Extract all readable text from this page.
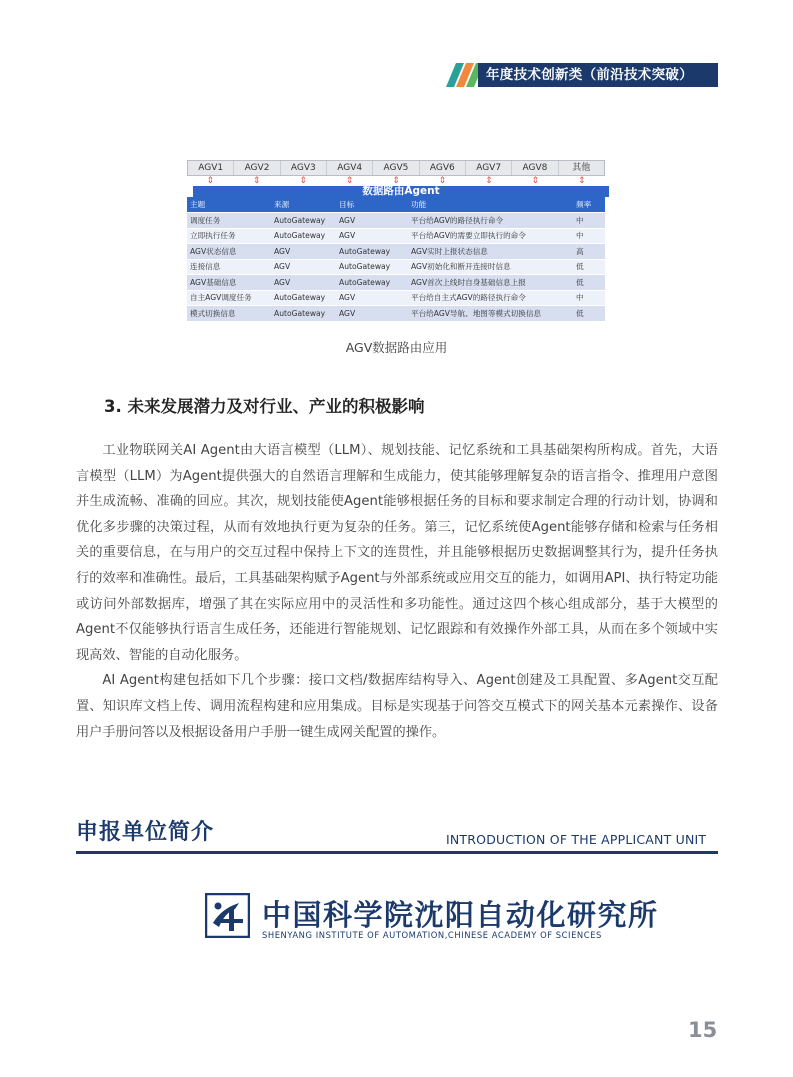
年度技术创新类（前沿技术突破）
AGV1	AGV2	AGV3	AGV4	AGV5	AGV6	AGV7	AGV8	其他
⇕	⇕	⇕	⇕	⇕	⇕	⇕	⇕	⇕
数据路由Agent
主题	来源	目标	功能	频率
调度任务	AutoGateway	AGV	平台给AGV的路径执行命令	中
立即执行任务	AutoGateway	AGV	平台给AGV的需要立即执行的命令	中
AGV状态信息	AGV	AutoGateway	AGV实时上报状态信息	高
连接信息	AGV	AutoGateway	AGV初始化和断开连接时信息	低
AGV基础信息	AGV	AutoGateway	AGV首次上线时自身基础信息上报	低
自主AGV调度任务	AutoGateway	AGV	平台给自主式AGV的路径执行命令	中
模式切换信息	AutoGateway	AGV	平台给AGV导航、地图等模式切换信息	低
AGV数据路由应用
3. 未来发展潜力及对行业、产业的积极影响

工业物联网关AI Agent由大语言模型（LLM）、规划技能、记忆系统和工具基础架构所构成。首先，大语言模型（LLM）为Agent提供强大的自然语言理解和生成能力，使其能够理解复杂的语言指令、推理用户意图并生成流畅、准确的回应。其次，规划技能使Agent能够根据任务的目标和要求制定合理的行动计划，协调和优化多步骤的决策过程，从而有效地执行更为复杂的任务。第三，记忆系统使Agent能够存储和检索与任务相关的重要信息，在与用户的交互过程中保持上下文的连贯性，并且能够根据历史数据调整其行为，提升任务执行的效率和准确性。最后，工具基础架构赋予Agent与外部系统或应用交互的能力，如调用API、执行特定功能或访问外部数据库，增强了其在实际应用中的灵活性和多功能性。通过这四个核心组成部分，基于大模型的Agent不仅能够执行语言生成任务，还能进行智能规划、记忆跟踪和有效操作外部工具，从而在多个领域中实现高效、智能的自动化服务。

AI Agent构建包括如下几个步骤：接口文档/数据库结构导入、Agent创建及工具配置、多Agent交互配置、知识库文档上传、调用流程构建和应用集成。目标是实现基于问答交互模式下的网关基本元素操作、设备用户手册问答以及根据设备用户手册一键生成网关配置的操作。

申报单位简介	INTRODUCTION OF THE APPLICANT UNIT
中国科学院沈阳自动化研究所
SHENYANG INSTITUTE OF AUTOMATION,CHINESE ACADEMY OF SCIENCES
15
